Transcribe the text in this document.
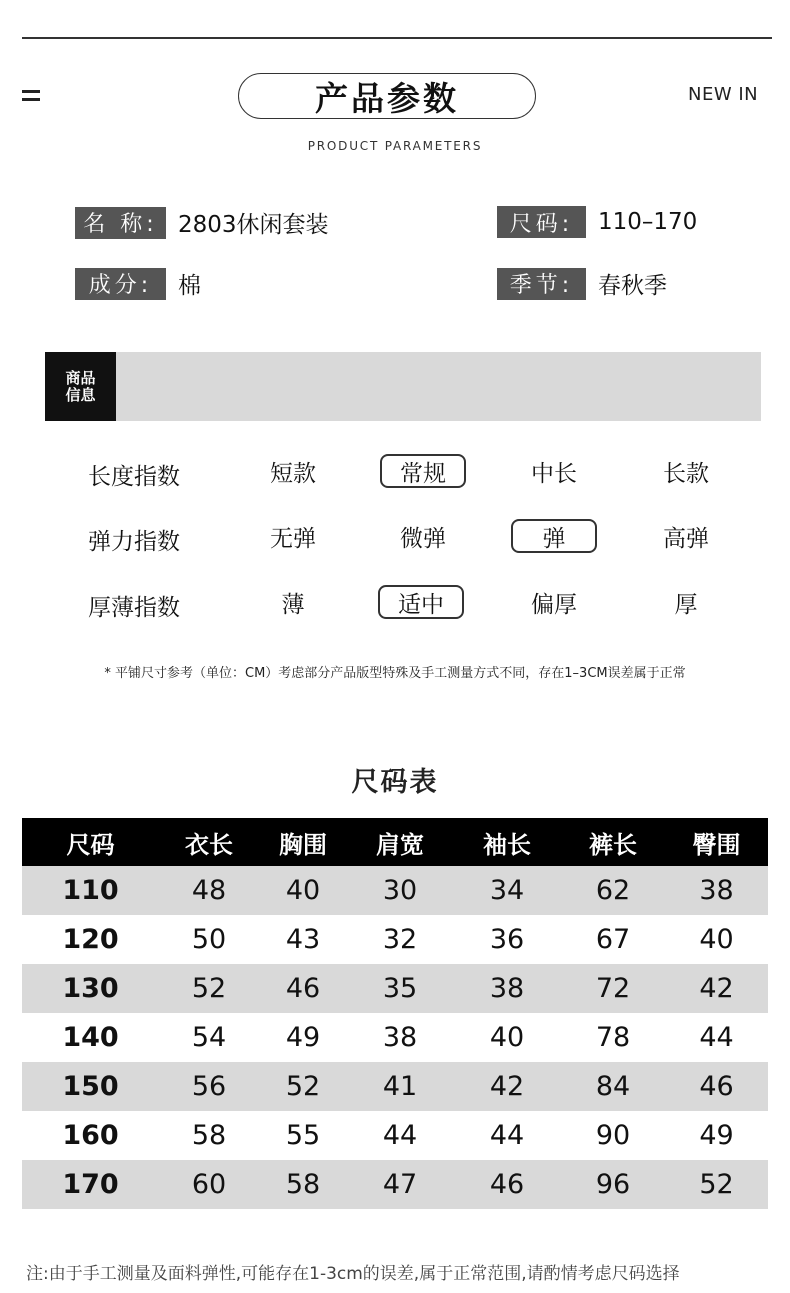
产品参数	NEW IN
PRODUCT PARAMETERS
名 称: 2803休闲套装	尺码:	110–170
成分:	棉	季节:	春秋季
商品
信息
长度指数	短款	常规	中长	长款
弹力指数	无弹	微弹	弹	高弹
厚薄指数	薄	适中	偏厚	厚
* 平铺尺寸参考（单位：CM）考虑部分产品版型特殊及手工测量方式不同，存在1–3CM误差属于正常
尺码表
尺码	衣长	胸围	肩宽	袖长	裤长	臀围
110	48	40	30	34	62	38
120	50	43	32	36	67	40
130	52	46	35	38	72	42
140	54	49	38	40	78	44
150	56	52	41	42	84	46
160	58	55	44	44	90	49
170	60	58	47	46	96	52
注:由于手工测量及面料弹性,可能存在1-3cm的误差,属于正常范围,请酌情考虑尺码选择
